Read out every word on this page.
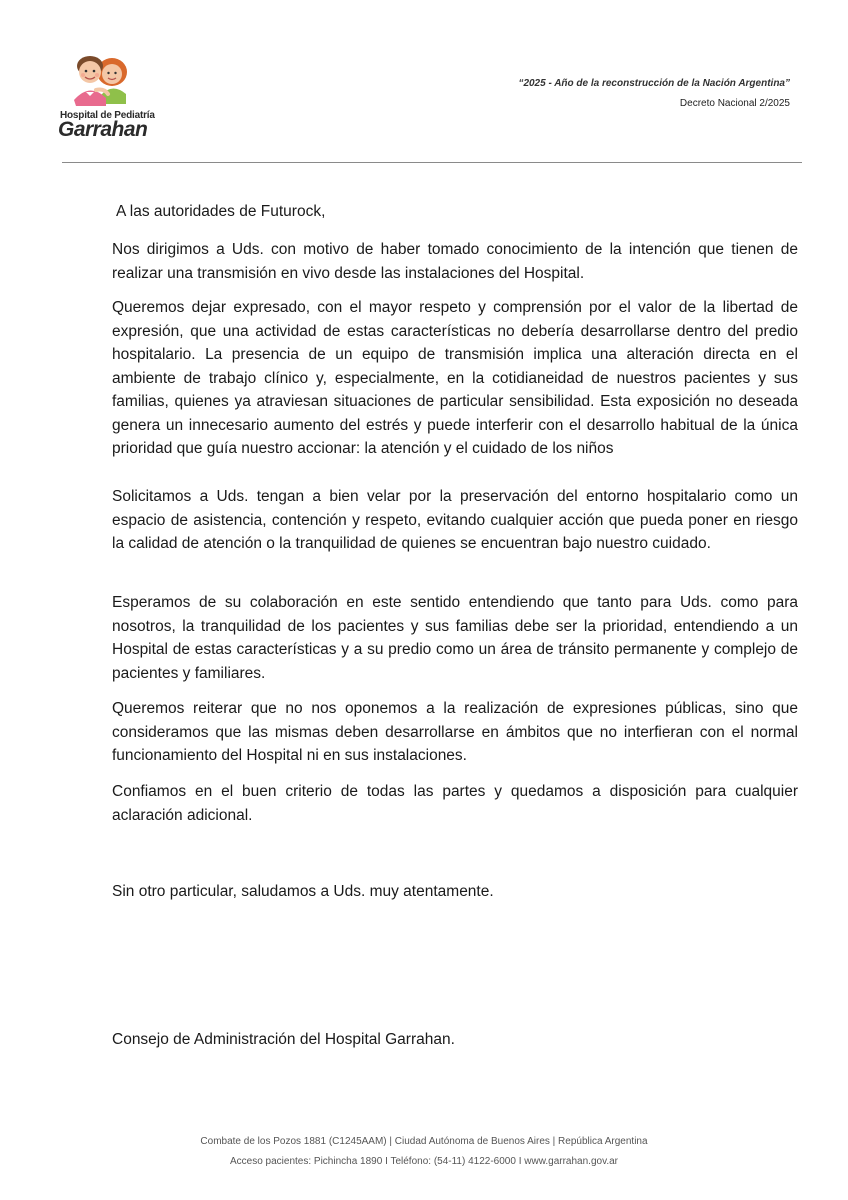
Hospital de Pediatría
Garrahan
“2025 - Año de la reconstrucción de la Nación Argentina”
Decreto Nacional 2/2025

A las autoridades de Futurock,

Nos dirigimos a Uds. con motivo de haber tomado conocimiento de la intención que tienen de realizar una transmisión en vivo desde las instalaciones del Hospital.

Queremos dejar expresado, con el mayor respeto y comprensión por el valor de la libertad de expresión, que una actividad de estas características no debería desarrollarse dentro del predio hospitalario. La presencia de un equipo de transmisión implica una alteración directa en el ambiente de trabajo clínico y, especialmente, en la cotidianeidad de nuestros pacientes y sus familias, quienes ya atraviesan situaciones de particular sensibilidad. Esta exposición no deseada genera un innecesario aumento del estrés y puede interferir con el desarrollo habitual de la única prioridad que guía nuestro accionar: la atención y el cuidado de los niños

Solicitamos a Uds. tengan a bien velar por la preservación del entorno hospitalario como un espacio de asistencia, contención y respeto, evitando cualquier acción que pueda poner en riesgo la calidad de atención o la tranquilidad de quienes se encuentran bajo nuestro cuidado.

Esperamos de su colaboración en este sentido entendiendo que tanto para Uds. como para nosotros, la tranquilidad de los pacientes y sus familias debe ser la prioridad, entendiendo a un Hospital de estas características y a su predio como un área de tránsito permanente y complejo de pacientes y familiares.

Queremos reiterar que no nos oponemos a la realización de expresiones públicas, sino que consideramos que las mismas deben desarrollarse en ámbitos que no interfieran con el normal funcionamiento del Hospital ni en sus instalaciones.

Confiamos en el buen criterio de todas las partes y quedamos a disposición para cualquier aclaración adicional.

Sin otro particular, saludamos a Uds. muy atentamente.

Consejo de Administración del Hospital Garrahan.

Combate de los Pozos 1881 (C1245AAM) | Ciudad Autónoma de Buenos Aires | República Argentina
Acceso pacientes: Pichincha 1890 I Teléfono: (54-11) 4122-6000 I www.garrahan.gov.ar
